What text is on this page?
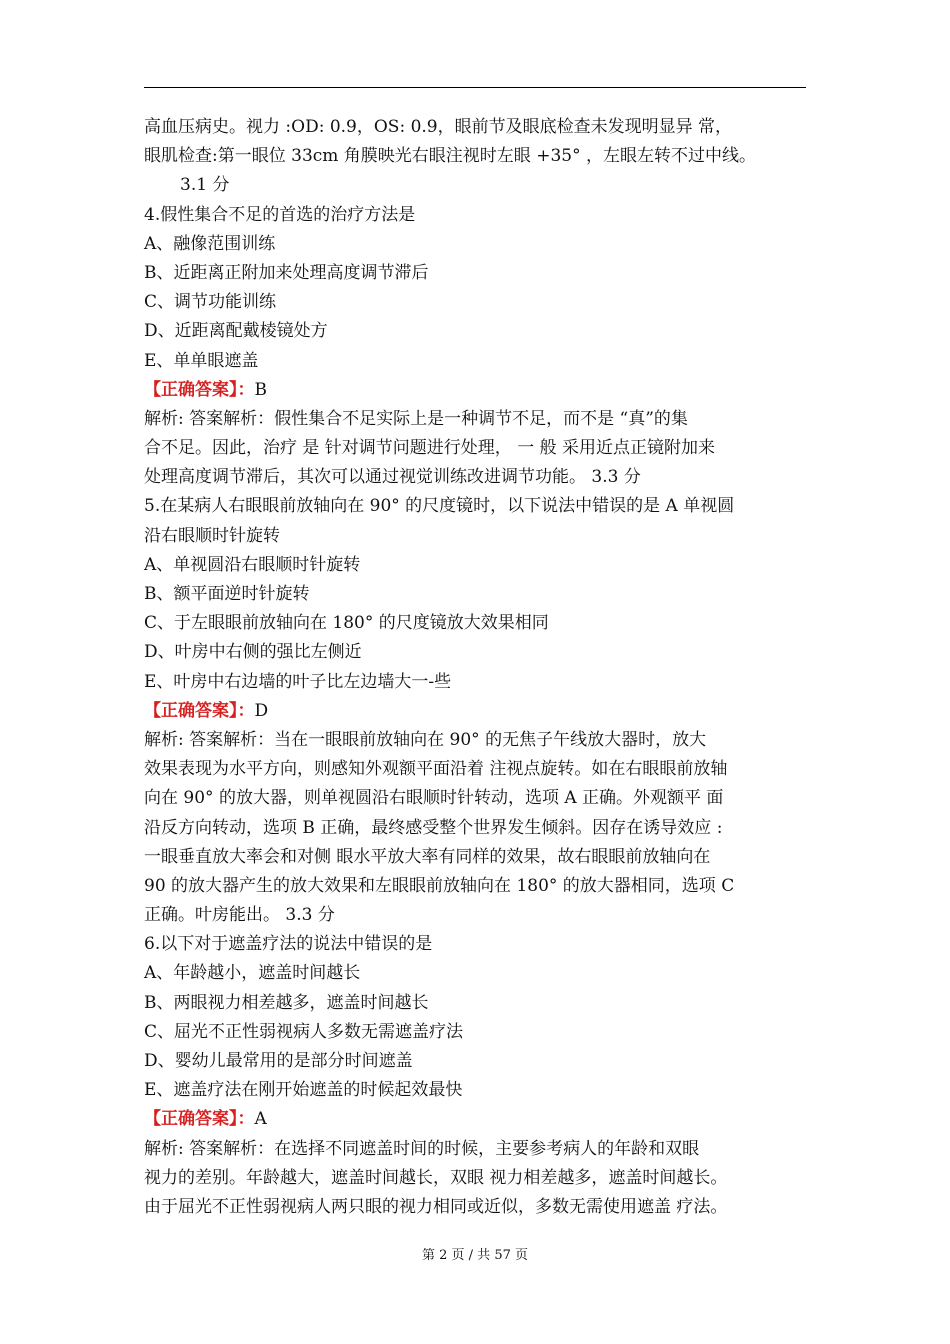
高血压病史。视力 :OD: 0.9，OS: 0.9，眼前节及眼底检查未发现明显异 常，
眼肌检查:第一眼位 33cm 角膜映光右眼注视时左眼 +35° ，左眼左转不过中线。
3.1 分
4.假性集合不足的首选的治疗方法是
A、融像范围训练
B、近距离正附加来处理高度调节滞后
C、调节功能训练
D、近距离配戴棱镜处方
E、单单眼遮盖
【正确答案】：B
解析: 答案解析：假性集合不足实际上是一种调节不足，而不是 “真”的集
合不足。因此，治疗 是 针对调节问题进行处理， 一 般 采用近点正镜附加来
处理高度调节滞后，其次可以通过视觉训练改进调节功能。 3.3 分
5.在某病人右眼眼前放轴向在 90° 的尺度镜时，以下说法中错误的是 A 单视圆
沿右眼顺时针旋转
A、单视圆沿右眼顺时针旋转
B、额平面逆时针旋转
C、于左眼眼前放轴向在 180° 的尺度镜放大效果相同
D、叶房中右侧的强比左侧近
E、叶房中右边墙的叶子比左边墙大一-些
【正确答案】：D
解析: 答案解析：当在一眼眼前放轴向在 90° 的无焦子午线放大器时，放大
效果表现为水平方向，则感知外观额平面沿着 注视点旋转。如在右眼眼前放轴
向在 90° 的放大器，则单视圆沿右眼顺时针转动，选项 A 正确。外观额平 面
沿反方向转动，选项 B 正确，最终感受整个世界发生倾斜。因存在诱导效应 :
一眼垂直放大率会和对侧 眼水平放大率有同样的效果，故右眼眼前放轴向在
90 的放大器产生的放大效果和左眼眼前放轴向在 180° 的放大器相同，选项 C
正确。叶房能出。 3.3 分
6.以下对于遮盖疗法的说法中错误的是
A、年龄越小，遮盖时间越长
B、两眼视力相差越多，遮盖时间越长
C、屈光不正性弱视病人多数无需遮盖疗法
D、婴幼儿最常用的是部分时间遮盖
E、遮盖疗法在刚开始遮盖的时候起效最快
【正确答案】：A
解析: 答案解析：在选择不同遮盖时间的时候，主要参考病人的年龄和双眼
视力的差别。年龄越大，遮盖时间越长，双眼 视力相差越多，遮盖时间越长。
由于屈光不正性弱视病人两只眼的视力相同或近似，多数无需使用遮盖 疗法。
第 2 页 / 共 57 页
